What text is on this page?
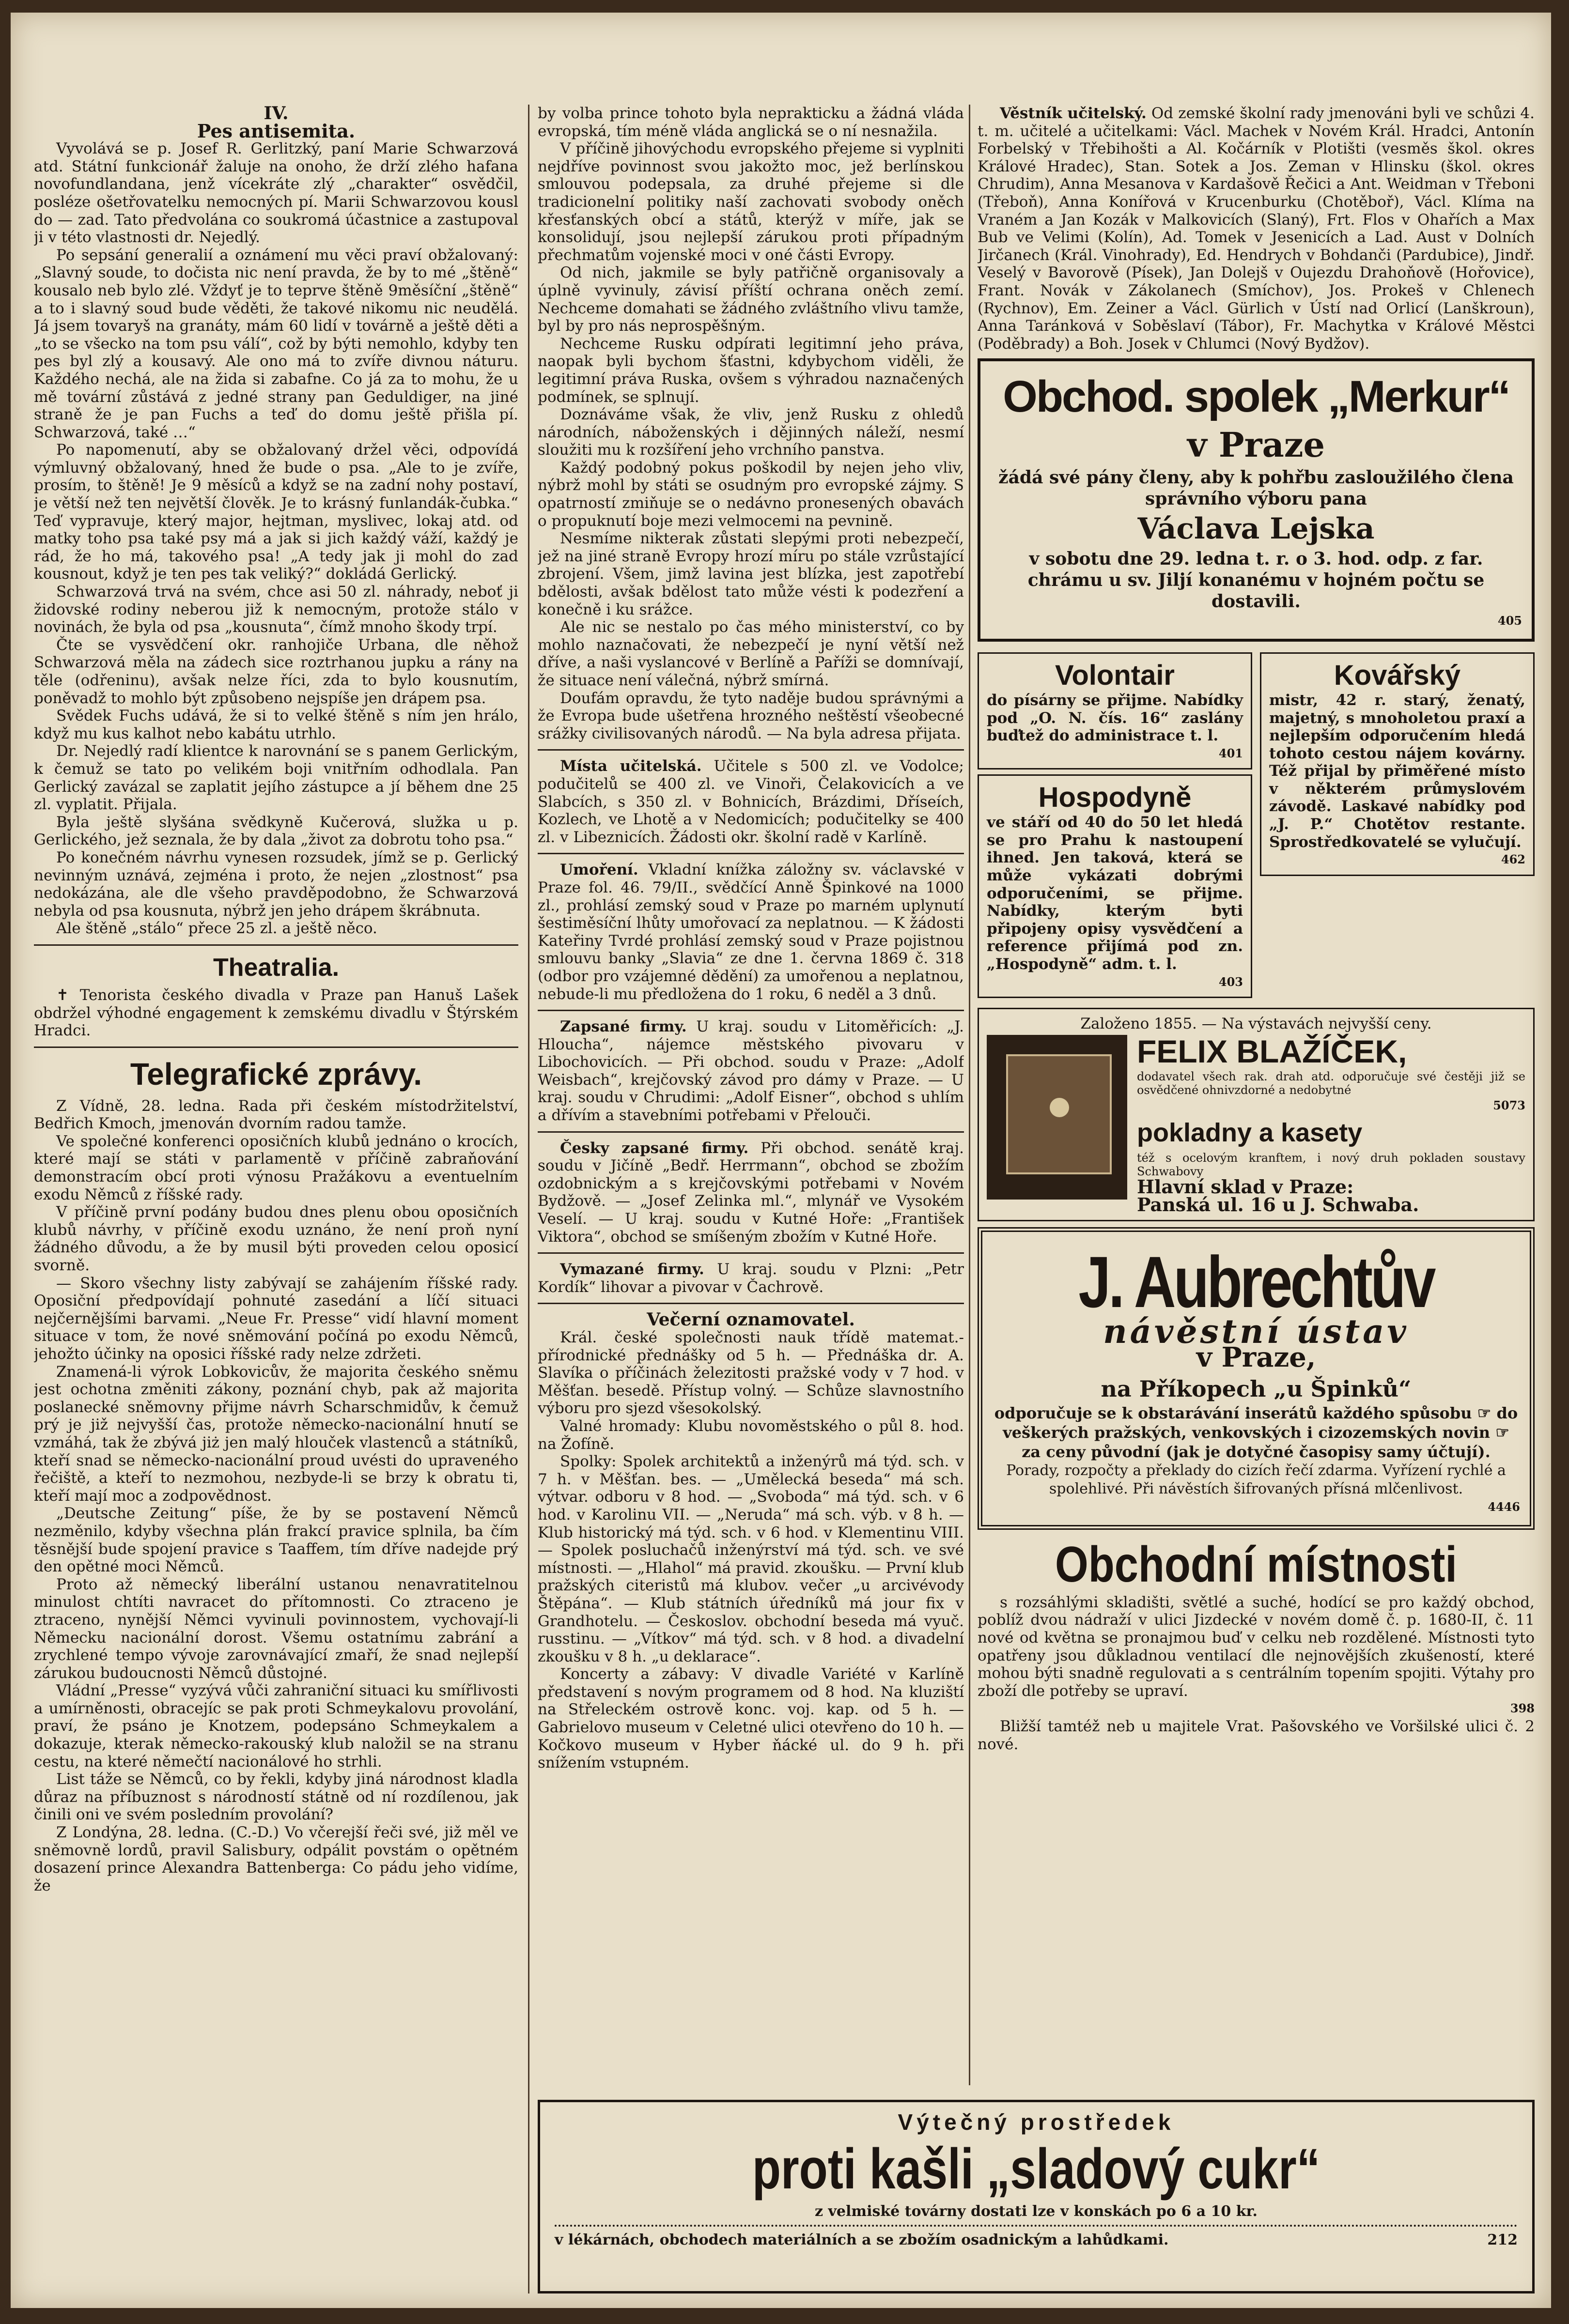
IV.

Pes antisemita.

Vyvolává se p. Josef R. Gerlitzký, paní Marie Schwarzová atd. Státní funkcionář žaluje na onoho, že drží zlého hafana novofundlandana, jenž vícekráte zlý „charakter“ osvědčil, posléze ošetřovatelku nemocných pí. Marii Schwarzovou kousl do — zad. Tato předvolána co soukromá účastnice a zastupoval ji v této vlastnosti dr. Nejedlý.

Po sepsání generalií a oznámení mu věci praví obžalovaný: „Slavný soude, to dočista nic není pravda, že by to mé „štěně“ kousalo neb bylo zlé. Vždyť je to teprve štěně 9měsíční „štěně“ a to i slavný soud bude věděti, že takové nikomu nic neudělá. Já jsem tovaryš na granáty, mám 60 lidí v továrně a ještě děti a „to se všecko na tom psu válí“, což by býti nemohlo, kdyby ten pes byl zlý a kousavý. Ale ono má to zvíře divnou náturu. Každého nechá, ale na žida si zabafne. Co já za to mohu, že u mě tovární zůstává z jedné strany pan Geduldiger, na jiné straně že je pan Fuchs a teď do domu ještě přišla pí. Schwarzová, také …“

Po napomenutí, aby se obžalovaný držel věci, odpovídá výmluvný obžalovaný, hned že bude o psa. „Ale to je zvíře, prosím, to štěně! Je 9 měsíců a když se na zadní nohy postaví, je větší než ten největší člověk. Je to krásný funlandák-čubka.“ Teď vypravuje, který major, hejtman, myslivec, lokaj atd. od matky toho psa také psy má a jak si jich každý váží, každý je rád, že ho má, takového psa! „A tedy jak ji mohl do zad kousnout, když je ten pes tak veliký?“ dokládá Gerlický.

Schwarzová trvá na svém, chce asi 50 zl. náhrady, neboť ji židovské rodiny neberou již k nemocným, protože stálo v novinách, že byla od psa „kousnuta“, čímž mnoho škody trpí.

Čte se vysvědčení okr. ranhojiče Urbana, dle něhož Schwarzová měla na zádech sice roztrhanou jupku a rány na těle (odřeninu), avšak nelze říci, zda to bylo kousnutím, poněvadž to mohlo být způsobeno nejspíše jen drápem psa.

Svědek Fuchs udává, že si to velké štěně s ním jen hrálo, když mu kus kalhot nebo kabátu utrhlo.

Dr. Nejedlý radí klientce k narovnání se s panem Gerlickým, k čemuž se tato po velikém boji vnitřním odhodlala. Pan Gerlický zavázal se zaplatit jejího zástupce a jí během dne 25 zl. vyplatit. Přijala.

Byla ještě slyšána svědkyně Kučerová, služka u p. Gerlického, jež seznala, že by dala „život za dobrotu toho psa.“

Po konečném návrhu vynesen rozsudek, jímž se p. Gerlický nevinným uznává, zejména i proto, že nejen „zlostnost“ psa nedokázána, ale dle všeho pravděpodobno, že Schwarzová nebyla od psa kousnuta, nýbrž jen jeho drápem škrábnuta.

Ale štěně „stálo“ přece 25 zl. a ještě něco.

Theatralia.

✝ Tenorista českého divadla v Praze pan Hanuš Lašek obdržel výhodné engagement k zemskému divadlu v Štýrském Hradci.

Telegrafické zprávy.

Z Vídně, 28. ledna. Rada při českém místodržitelství, Bedřich Kmoch, jmenován dvorním radou tamže.

Ve společné konferenci oposičních klubů jednáno o krocích, které mají se státi v parlamentě v příčině zabraňování demonstracím obcí proti výnosu Pražákovu a eventuelním exodu Němců z říšské rady.

V příčině první podány budou dnes plenu obou oposičních klubů návrhy, v příčině exodu uznáno, že není proň nyní žádného důvodu, a že by musil býti proveden celou oposicí svorně.

— Skoro všechny listy zabývají se zahájením říšské rady. Oposiční předpovídají pohnuté zasedání a líčí situaci nejčernějšími barvami. „Neue Fr. Presse“ vidí hlavní moment situace v tom, že nové sněmování počíná po exodu Němců, jehožto účinky na oposici říšské rady nelze zdržeti.

Znamená-li výrok Lobkovicův, že majorita českého sněmu jest ochotna změniti zákony, poznání chyb, pak až majorita poslanecké sněmovny přijme návrh Scharschmidův, k čemuž prý je již nejvyšší čas, protože německo-nacionální hnutí se vzmáhá, tak že zbývá jiż jen malý hlouček vlastenců a státníků, kteří snad se německo-nacionální proud uvésti do upraveného řečiště, a kteří to nezmohou, nezbyde-li se brzy k obratu ti, kteří mají moc a zodpovědnost.

„Deutsche Zeitung“ píše, že by se postavení Němců nezměnilo, kdyby všechna plán frakcí pravice splnila, ba čím těsnější bude spojení pravice s Taaffem, tím dříve nadejde prý den opětné moci Němců.

Proto až německý liberální ustanou nenavratitelnou minulost chtíti navracet do přítomnosti. Co ztraceno je ztraceno, nynější Němci vyvinuli povinnostem, vychovají-li Německu nacionální dorost. Všemu ostatnímu zabrání a zrychlené tempo vývoje zarovnávající zmaří, že snad nejlepší zárukou budoucnosti Němců důstojné.

Vládní „Presse“ vyzývá vůči zahraniční situaci ku smířlivosti a umírněnosti, obracejíc se pak proti Schmeykalovu provolání, praví, že psáno je Knotzem, podepsáno Schmeykalem a dokazuje, kterak německo-rakouský klub naložil se na stranu cestu, na které němečtí nacionálové ho strhli.

List táže se Němců, co by řekli, kdyby jiná národnost kladla důraz na příbuznost s národností státně od ní rozdílenou, jak činili oni ve svém posledním provolání?

Z Londýna, 28. ledna. (C.-D.) Vo včerejší řeči své, již měl ve sněmovně lordů, pravil Salisbury, odpálit povstám o opětném dosazení prince Alexandra Battenberga: Co pádu jeho vidíme, že

by volba prince tohoto byla neprakticku a žádná vláda evropská, tím méně vláda anglická se o ní nesnažila.

V příčině jihovýchodu evropského přejeme si vyplniti nejdříve povinnost svou jakožto moc, jež berlínskou smlouvou podepsala, za druhé přejeme si dle tradicionelní politiky naší zachovati svobody oněch křesťanských obcí a států, kterýž v míře, jak se konsolidují, jsou nejlepší zárukou proti případným přechmatům vojenské moci v oné části Evropy.

Od nich, jakmile se byly patřičně organisovaly a úplně vyvinuly, závisí příští ochrana oněch zemí. Nechceme domahati se žádného zvláštního vlivu tamže, byl by pro nás neprospěšným.

Nechceme Rusku odpírati legitimní jeho práva, naopak byli bychom šťastni, kdybychom viděli, že legitimní práva Ruska, ovšem s výhradou naznačených podmínek, se splnují.

Doznáváme však, že vliv, jenž Rusku z ohledů národních, náboženských i dějinných náleží, nesmí sloužiti mu k rozšíření jeho vrchního panstva.

Každý podobný pokus poškodil by nejen jeho vliv, nýbrž mohl by státi se osudným pro evropské zájmy. S opatrností zmiňuje se o nedávno pronesených obavách o propuknutí boje mezi velmocemi na pevnině.

Nesmíme nikterak zůstati slepými proti nebezpečí, jež na jiné straně Evropy hrozí míru po stále vzrůstající zbrojení. Všem, jimž lavina jest blízka, jest zapotřebí bdělosti, avšak bdělost tato může vésti k podezření a konečně i ku srážce.

Ale nic se nestalo po čas mého ministerství, co by mohlo naznačovati, že nebezpečí je nyní větší než dříve, a naši vyslancové v Berlíně a Paříži se domnívají, že situace není válečná, nýbrž smírná.

Doufám opravdu, že tyto naděje budou správnými a že Evropa bude ušetřena hrozného neštěstí všeobecné srážky civilisovaných národů. — Na byla adresa přijata.

Místa učitelská. Učitele s 500 zl. ve Vodolce; podučitelů se 400 zl. ve Vinoři, Čelakovicích a ve Slabcích, s 350 zl. v Bohnicích, Brázdimi, Dříseích, Kozlech, ve Lhotě a v Nedomicích; podučitelky se 400 zl. v Libeznicích. Žádosti okr. školní radě v Karlíně.

Umoření. Vkladní knížka záložny sv. václavské v Praze fol. 46. 79/II., svědčící Anně Špinkové na 1000 zl., prohlásí zemský soud v Praze po marném uplynutí šestiměsíční lhůty umořovací za neplatnou. — K žádosti Kateřiny Tvrdé prohlásí zemský soud v Praze pojistnou smlouvu banky „Slavia“ ze dne 1. června 1869 č. 318 (odbor pro vzájemné dědění) za umořenou a neplatnou, nebude-li mu předložena do 1 roku, 6 neděl a 3 dnů.

Zapsané firmy. U kraj. soudu v Litoměřicích: „J. Hloucha“, nájemce městského pivovaru v Libochovicích. — Při obchod. soudu v Praze: „Adolf Weisbach“, krejčovský závod pro dámy v Praze. — U kraj. soudu v Chrudimi: „Adolf Eisner“, obchod s uhlím a dřívím a stavebními potřebami v Přelouči.

Česky zapsané firmy. Při obchod. senátě kraj. soudu v Jičíně „Bedř. Herrmann“, obchod se zbožím ozdobnickým a s krejčovskými potřebami v Novém Bydžově. — „Josef Zelinka ml.“, mlynář ve Vysokém Veselí. — U kraj. soudu v Kutné Hoře: „František Viktora“, obchod se smíšeným zbožím v Kutné Hoře.

Vymazané firmy. U kraj. soudu v Plzni: „Petr Kordík“ lihovar a pivovar v Čachrově.

Večerní oznamovatel.

Král. české společnosti nauk třídě matemat.-přírodnické přednášky od 5 h. — Přednáška dr. A. Slavíka o příčinách železitosti pražské vody v 7 hod. v Měšťan. besedě. Přístup volný. — Schůze slavnostního výboru pro sjezd všesokolský.

Valné hromady: Klubu novoměstského o půl 8. hod. na Žofíně.

Spolky: Spolek architektů a inženýrů má týd. sch. v 7 h. v Měšťan. bes. — „Umělecká beseda“ má sch. výtvar. odboru v 8 hod. — „Svoboda“ má týd. sch. v 6 hod. v Karolinu VII. — „Neruda“ má sch. výb. v 8 h. — Klub historický má týd. sch. v 6 hod. v Klementinu VIII. — Spolek posluchačů inženýrství má týd. sch. ve své místnosti. — „Hlahol“ má pravid. zkoušku. — První klub pražských citeristů má klubov. večer „u arcivévody Štěpána“. — Klub státních úředníků má jour fix v Grandhotelu. — Českoslov. obchodní beseda má vyuč. russtinu. — „Vítkov“ má týd. sch. v 8 hod. a divadelní zkoušku v 8 h. „u deklarace“.

Koncerty a zábavy: V divadle Variété v Karlíně představení s novým programem od 8 hod. Na kluziští na Střeleckém ostrově konc. voj. kap. od 5 h. — Gabrielovo museum v Celetné ulici otevřeno do 10 h. — Kočkovo museum v Hyber ňácké ul. do 9 h. při snížením vstupném.

Věstník učitelský. Od zemské školní rady jmenováni byli ve schůzi 4. t. m. učitelé a učitelkami: Václ. Machek v Novém Král. Hradci, Antonín Forbelský v Třebihošti a Al. Kočárník v Plotišti (vesměs škol. okres Králové Hradec), Stan. Sotek a Jos. Zeman v Hlinsku (škol. okres Chrudim), Anna Mesanova v Kardašově Řečici a Ant. Weidman v Třeboni (Třeboň), Anna Konířová v Krucenburku (Chotěboř), Václ. Klíma na Vraném a Jan Kozák v Malkovicích (Slaný), Frt. Flos v Ohařích a Max Bub ve Velimi (Kolín), Ad. Tomek v Jesenicích a Lad. Aust v Dolních Jirčanech (Král. Vinohrady), Ed. Hendrych v Bohdanči (Pardubice), Jindř. Veselý v Bavorově (Písek), Jan Dolejš v Oujezdu Drahoňově (Hořovice), Frant. Novák v Zákolanech (Smíchov), Jos. Prokeš v Chlenech (Rychnov), Em. Zeiner a Václ. Gürlich v Ústí nad Orlicí (Lanškroun), Anna Taránková v Soběslaví (Tábor), Fr. Machytka v Králové Městci (Poděbrady) a Boh. Josek v Chlumci (Nový Bydžov).

Obchod. spolek „Merkur“
v Praze
žádá své pány členy, aby k pohřbu zasloužilého člena správního výboru pana
Václava Lejska
v sobotu dne 29. ledna t. r. o 3. hod. odp. z far. chrámu u sv. Jiljí konanému v hojném počtu se dostavili.
405
Volontair
do písárny se přijme. Nabídky pod „O. N. čís. 16“ zaslány buďtež do administrace t. l.
401
Hospodyně
ve stáří od 40 do 50 let hledá se pro Prahu k nastoupení ihned. Jen taková, která se může vykázati dobrými odporučeními, se přijme. Nabídky, kterým byti připojeny opisy vysvědčení a reference přijímá pod zn. „Hospodyně“ adm. t. l.
403
Kovářský
mistr, 42 r. starý, ženatý, majetný, s mnoholetou praxí a nejlepším odporučením hledá tohoto cestou nájem kovárny. Též přijal by přiměřené místo v některém průmyslovém závodě. Laskavé nabídky pod „J. P.“ Chotětov restante. Sprostředkovatelé se vylučují.
462
Založeno 1855. — Na výstavách nejvyšší ceny.
FELIX BLAŽÍČEK,
dodavatel všech rak. drah atd. odporučuje své čestěji již se osvědčené ohnivzdorné a nedobytné
5073
pokladny a kasety
též s ocelovým kranftem, i nový druh pokladen soustavy Schwabovy
Hlavní sklad v Praze:
Panská ul. 16 u J. Schwaba.
J. Aubrechtův
návěstní ústav
v Praze,
na Příkopech „u Špinků“
odporučuje se k obstarávání inserátů každého spůsobu ☞ do veškerých pražských, venkovských i cizozemských novin ☞ za ceny původní (jak je dotyčné časopisy samy účtují).
Porady, rozpočty a překlady do cizích řečí zdarma. Vyřízení rychlé a spolehlivé. Při návěstích šifrovaných přísná mlčenlivost.
4446
Obchodní místnosti

s rozsáhlými skladišti, světlé a suché, hodící se pro každý obchod, poblíž dvou nádraží v ulici Jizdecké v novém domě č. p. 1680-II, č. 11 nové od května se pronajmou buď v celku neb rozdělené. Místnosti tyto opatřeny jsou důkladnou ventilací dle nejnovějších zkušeností, které mohou býti snadně regulovati a s centrálním topením spojiti. Výtahy pro zboží dle potřeby se upraví.

398

Bližší tamtéž neb u majitele Vrat. Pašovského ve Voršilské ulici č. 2 nové.

Výtečný prostředek
proti kašli „sladový cukr“
z velmiské továrny dostati lze v konskách po 6 a 10 kr.
v lékárnách, obchodech materiálních a se zbožím osadnickým a lahůdkami.	212
